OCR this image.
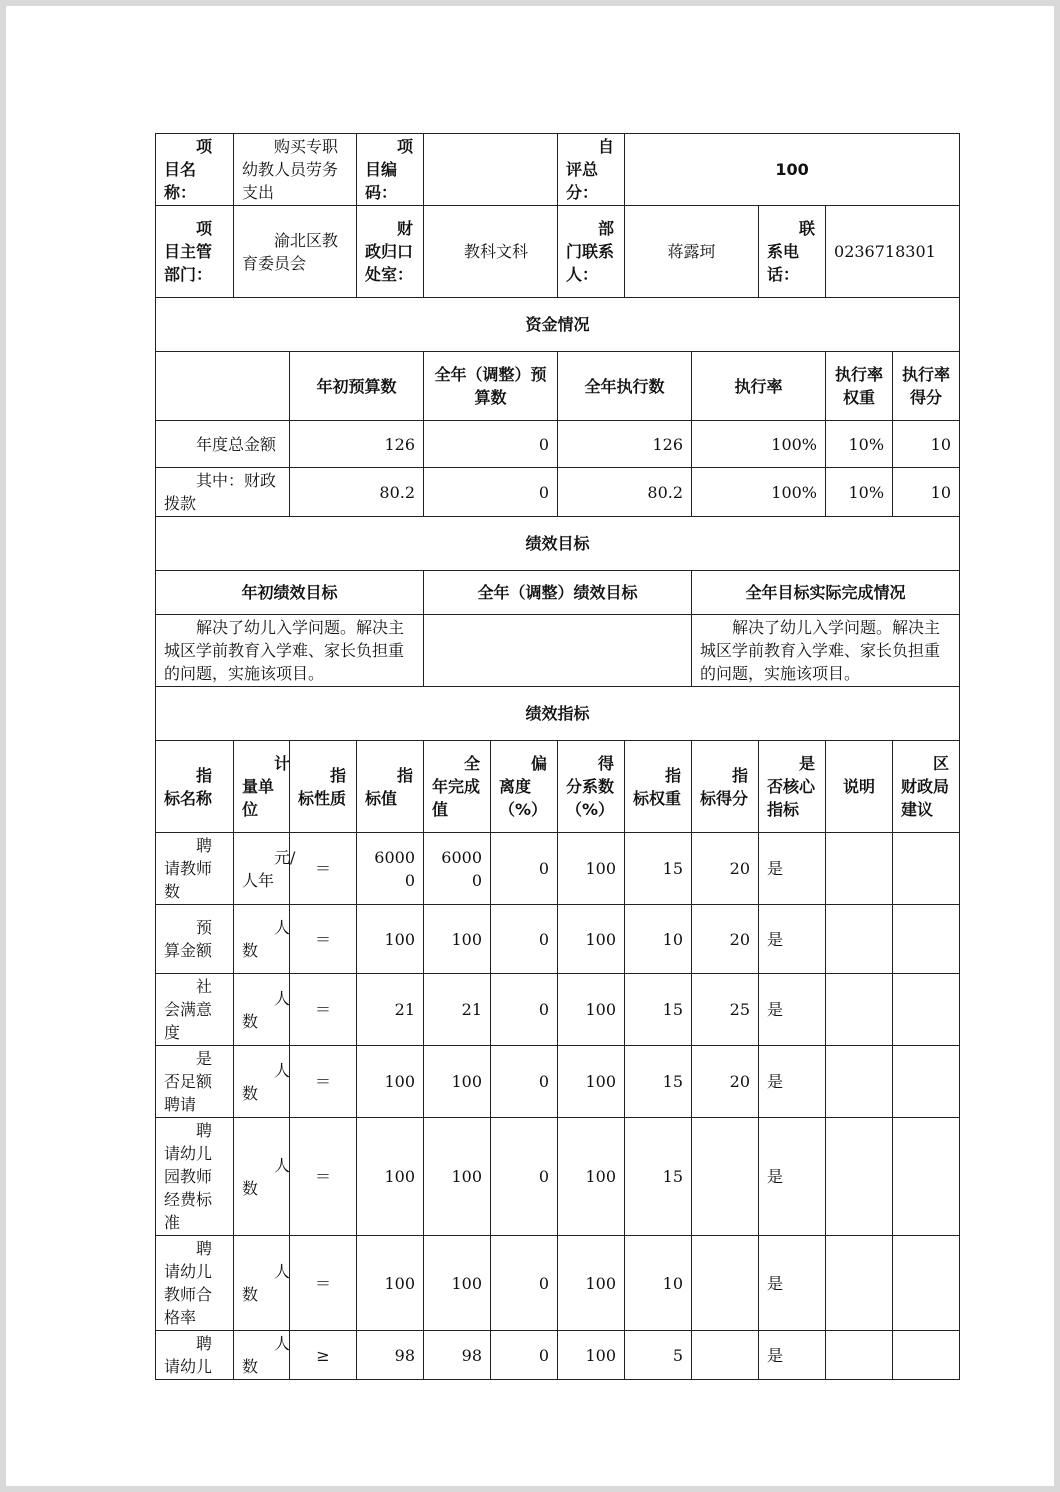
项目名称：	购买专职幼教人员劳务支出		项目编码：			自评总分：	100				
项目主管部门：	渝北区教育委员会		财政归口处室：	教科文科		部门联系人：	蒋露珂		联系电话：	0236718301	
资金情况											
		年初预算数		全年（调整）预算数		全年执行数		执行率		执行率权重	执行率得分
年度总金额		126		0		126		100%		10%	10
其中：财政拨款		80.2		0		80.2		100%		10%	10
绩效目标											
年初绩效目标				全年（调整）绩效目标				全年目标实际完成情况			
解决了幼儿入学问题。解决主城区学前教育入学难、家长负担重的问题，实施该项目。								解决了幼儿入学问题。解决主城区学前教育入学难、家长负担重的问题，实施该项目。			
绩效指标											
指标名称	计量单位	指标性质	指标值	全年完成值	偏离度（%）	得分系数（%）	指标权重	指标得分	是否核心指标	说明	区财政局建议
聘请教师数	元/人年	＝	60000	60000	0	100	15	20	是		
预算金额	人数	＝	100	100	0	100	10	20	是		
社会满意度	人数	＝	21	21	0	100	15	25	是		
是否足额聘请	人数	＝	100	100	0	100	15	20	是		
聘请幼儿园教师经费标准	人数	＝	100	100	0	100	15		是		
聘请幼儿教师合格率	人数	＝	100	100	0	100	10		是		
聘请幼儿	人数	≥	98	98	0	100	5		是		
